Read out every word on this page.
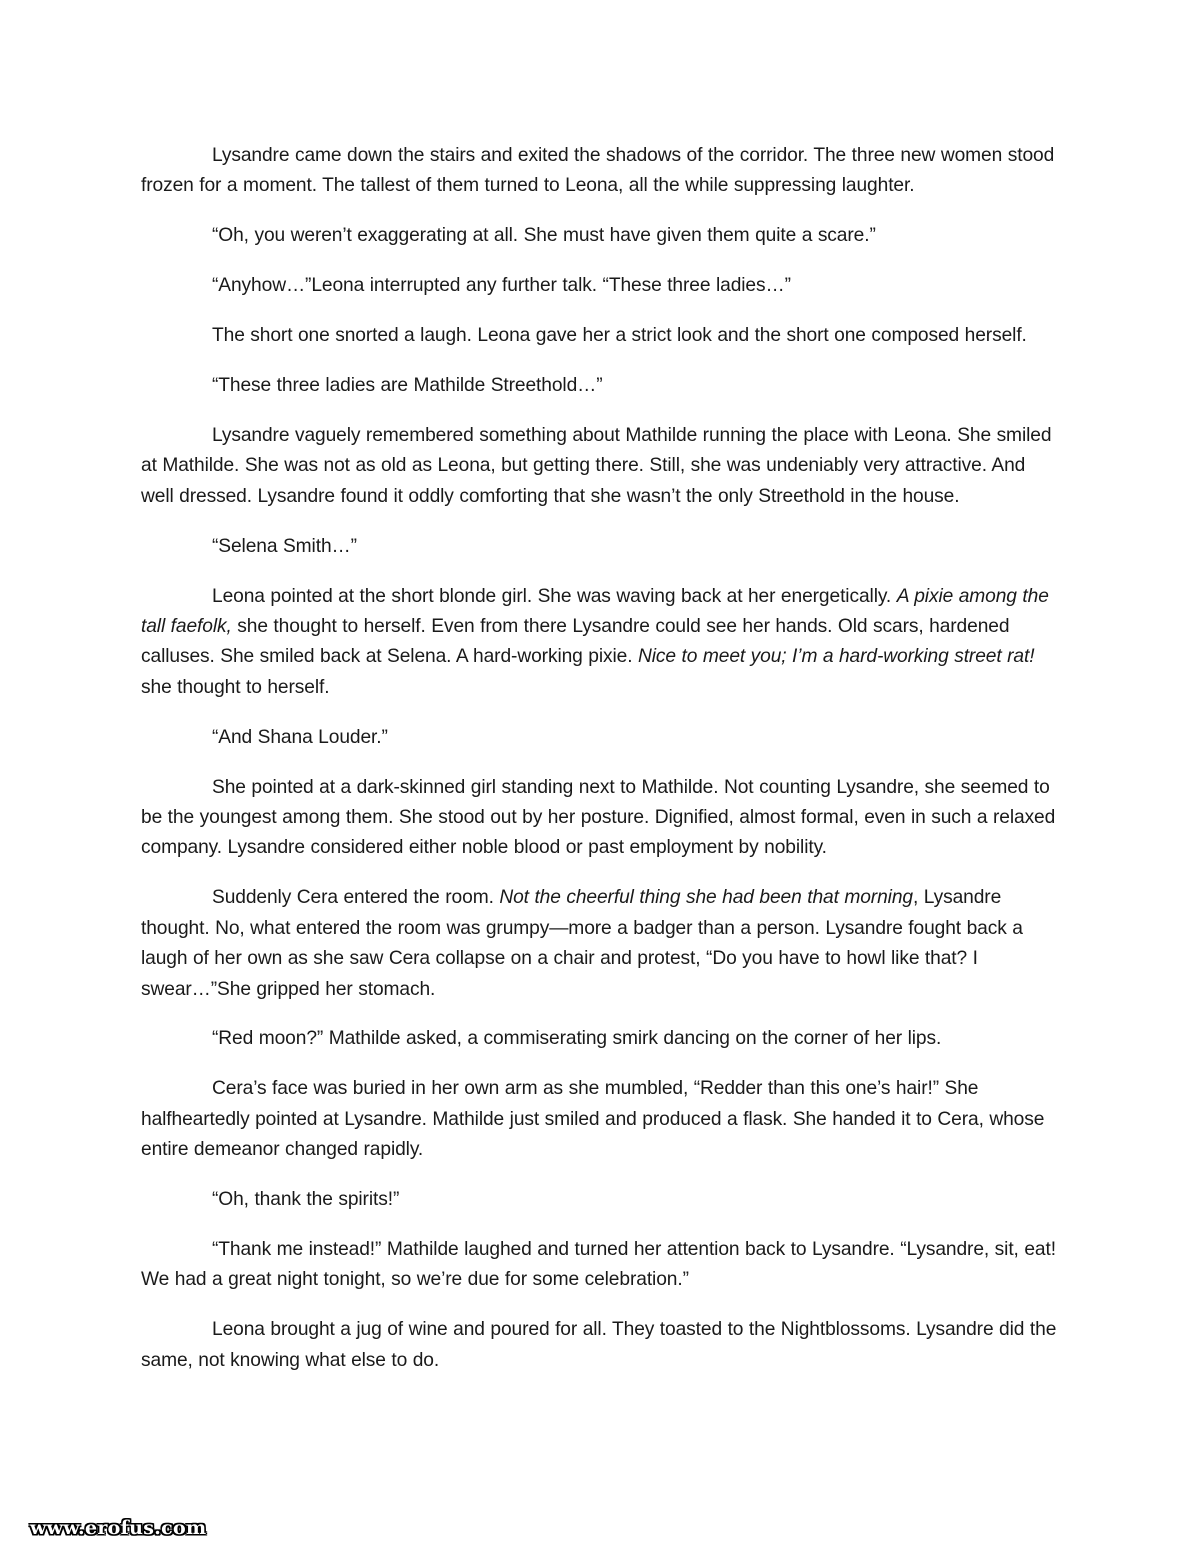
Lysandre came down the stairs and exited the shadows of the corridor. The three new women stood frozen for a moment. The tallest of them turned to Leona, all the while suppressing laughter.

“Oh, you weren’t exaggerating at all. She must have given them quite a scare.”

“Anyhow…”Leona interrupted any further talk. “These three ladies…”

The short one snorted a laugh. Leona gave her a strict look and the short one composed herself.

“These three ladies are Mathilde Streethold…”

Lysandre vaguely remembered something about Mathilde running the place with Leona. She smiled at Mathilde. She was not as old as Leona, but getting there. Still, she was undeniably very attractive. And well dressed. Lysandre found it oddly comforting that she wasn’t the only Streethold in the house.

“Selena Smith…”

Leona pointed at the short blonde girl. She was waving back at her energetically. A pixie among the tall faefolk, she thought to herself. Even from there Lysandre could see her hands. Old scars, hardened calluses. She smiled back at Selena. A hard-working pixie. Nice to meet you; I’m a hard-working street rat! she thought to herself.

“And Shana Louder.”

She pointed at a dark-skinned girl standing next to Mathilde. Not counting Lysandre, she seemed to be the youngest among them. She stood out by her posture. Dignified, almost formal, even in such a relaxed company. Lysandre considered either noble blood or past employment by nobility.

Suddenly Cera entered the room. Not the cheerful thing she had been that morning, Lysandre thought. No, what entered the room was grumpy—more a badger than a person. Lysandre fought back a laugh of her own as she saw Cera collapse on a chair and protest, “Do you have to howl like that? I swear…”She gripped her stomach.

“Red moon?” Mathilde asked, a commiserating smirk dancing on the corner of her lips.

Cera’s face was buried in her own arm as she mumbled, “Redder than this one’s hair!” She halfheartedly pointed at Lysandre. Mathilde just smiled and produced a flask. She handed it to Cera, whose entire demeanor changed rapidly.

“Oh, thank the spirits!”

“Thank me instead!” Mathilde laughed and turned her attention back to Lysandre. “Lysandre, sit, eat! We had a great night tonight, so we’re due for some celebration.”

Leona brought a jug of wine and poured for all. They toasted to the Nightblossoms. Lysandre did the same, not knowing what else to do.

www.erofus.com
